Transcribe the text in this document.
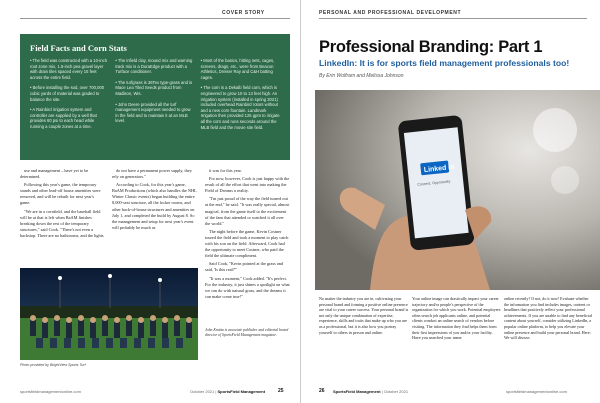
COVER STORY
Field Facts and Corn Stats

• The field was constructed with a 10-inch root zone mix, 1.5-inch pea gravel layer with drain tiles spaced every 15 feet across the entire field.

• Before installing the sod, over 700,000 cubic yards of material was graded to balance the site.

• A Rainbird irrigation system and controller are supplied by a well that provides 60 psi to each head while running a couple zones at a time.

• The infield clay, mound mix and warning track mix is a DuraEdge product with a Turface conditioner.

• The turfgrass is 36Tex type-grass and is Mace Lea Tiled Seeds product from Madison, Wis.

• John Deere provided all the turf management equipment needed to grow in the field and to maintain it at an MLB level.

• Most of the basics, hitting nets, cages, screens, drags, etc., were from Beacon Athletics, Dreiser Ray and C&H batting cages.

• The corn is a Dekalb field corn, which is engineered to grow 10 to 13 feet high. An irrigation system (installed in spring 2021) included overhead Rainbird rotors without and a new corn fountain. Landmark Irrigation then provided 125 gpm to irrigate all the corn and runs seconds around the MLB field and the movie site field.

use and management – have yet to be determined.

Following this year's game, the temporary stands and other lead-off house amenities were removed, and will be rebuilt for next year's game.

"We are in a cornfield, and the baseball field will be at that is left when BaAM finishes breaking down the rest of the temporary structures," said Cook. "There's not even a backstop. There are no bathrooms, and the lights

do not have a permanent power supply, they rely on generators."

According to Cook, for this year's game, BaAM Productions (which also handles the NHL Winter Classic events) began building the entire 8,000-seat structure, all the locker rooms, and other back-of-house structures and amenities on July 1, and completed the build by August 8. So the management and setup for next year's event will probably be much as

it was for this year.

For now, however, Cook is just happy with the result of all the effort that went into making the Field of Dreams a reality.

"I'm just proud of the way the field turned out at the end," he said. "It was really special, almost magical, from the game itself to the excitement of the fans that attended or watched it all over the world."

The night before the game, Kevin Costner toured the field and took a moment to play catch with his son on the field. Afterward, Cook had the opportunity to meet Costner, who paid the field the ultimate compliment.

Said Cook, "Kevin pointed at the grass and said, 'Is this real?'"

"It was a moment," Cook added. "It's perfect. For the industry, it just shines a spotlight on what we can do with natural grass, and the dreams it can make come true!"

Photo provided by BrightView Sports Turf
John Kmitta is associate publisher and editorial brand director of SportsField Management magazine.
sportsfieldmanagementonline.com	October 2021 | SportsField Management	25
PERSONAL AND PROFESSIONAL DEVELOPMENT
Professional Branding: Part 1
LinkedIn: It is for sports field management professionals too!
By Erin Wolfram and Melissa Johnson
Linked in
Connect. Opportunity.
No matter the industry you are in, cultivating your personal brand and forming a positive online presence are vital to your career success. Your personal brand is not only the unique combination of expertise, experience, skills and traits that make up who you are as a professional, but it is also how you portray yourself to others in person and online.
Your online image can drastically impact your career trajectory and/or people's perspective of the organization for which you work. Potential employers often search job applicants online, and potential clients conduct an online search of vendors before visiting. The information they find helps them form their first impressions of you and/or your facility. Have you searched your name
online recently? If not, do it now! Evaluate whether the information you find includes images, content or headlines that positively reflect your professional achievements. If you are unable to find any beneficial content about yourself, consider utilizing LinkedIn, a popular online platform, to help you elevate your online presence and build your personal brand. Here: We will discuss
26 SportsField Management | October 2021	sportsfieldmanagementonline.com
